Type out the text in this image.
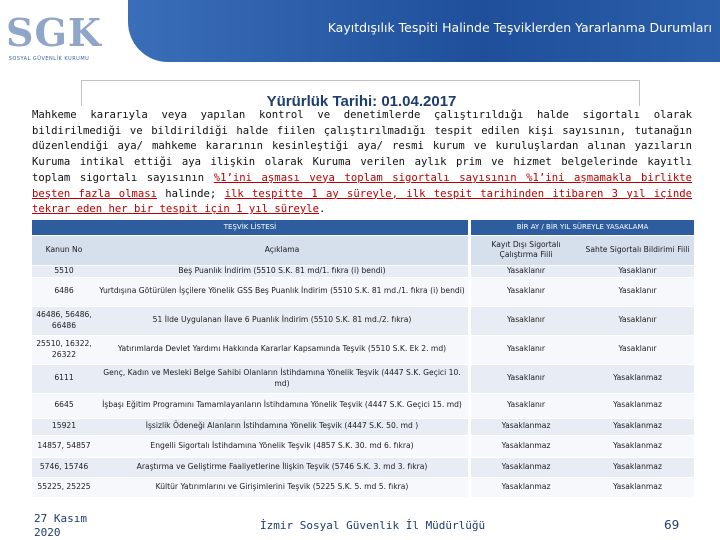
SGK
SOSYAL GÜVENLİK KURUMU
Kayıtdışılık Tespiti Halinde Teşviklerden Yararlanma Durumları
Yürürlük Tarihi: 01.04.2017
Mahkeme kararıyla veya yapılan kontrol ve denetimlerde çalıştırıldığı halde sigortalı olarak bildirilmediği ve bildirildiği halde fiilen çalıştırılmadığı tespit edilen kişi sayısının, tutanağın düzenlendiği aya/ mahkeme kararının kesinleştiği aya/ resmi kurum ve kuruluşlardan alınan yazıların Kuruma intikal ettiği aya ilişkin olarak Kuruma verilen aylık prim ve hizmet belgelerinde kayıtlı toplam sigortalı sayısının %1’ini aşması veya toplam sigortalı sayısının %1’ini aşmamakla birlikte beşten fazla olması halinde; ilk tespitte 1 ay süreyle, ilk tespit tarihinden itibaren 3 yıl içinde tekrar eden her bir tespit için 1 yıl süreyle.
TEŞVİK LİSTESİ			BİR AY / BİR YIL SÜREYLE YASAKLAMA	
Kanun No	Açıklama		Kayıt Dışı Sigortalı Çalıştırma Fiili	Sahte Sigortalı Bildirimi Fiili
5510	Beş Puanlık İndirim (5510 S.K. 81 md/1. fıkra (i) bendi)		Yasaklanır	Yasaklanır
6486	Yurtdışına Götürülen İşçilere Yönelik GSS Beş Puanlık İndirim (5510 S.K. 81 md./1. fıkra (i) bendi)		Yasaklanır	Yasaklanır
46486, 56486, 66486	51 İlde Uygulanan İlave 6 Puanlık İndirim (5510 S.K. 81 md./2. fıkra)		Yasaklanır	Yasaklanır
25510, 16322, 26322	Yatırımlarda Devlet Yardımı Hakkında Kararlar Kapsamında Teşvik (5510 S.K. Ek 2. md)		Yasaklanır	Yasaklanır
6111	Genç, Kadın ve Mesleki Belge Sahibi Olanların İstihdamına Yönelik Teşvik (4447 S.K. Geçici 10. md)		Yasaklanır	Yasaklanmaz
6645	İşbaşı Eğitim Programını Tamamlayanların İstihdamına Yönelik Teşvik (4447 S.K. Geçici 15. md)		Yasaklanır	Yasaklanmaz
15921	İşsizlik Ödeneği Alanların İstihdamına Yönelik Teşvik (4447 S.K. 50. md )		Yasaklanmaz	Yasaklanmaz
14857, 54857	Engelli Sigortalı İstihdamına Yönelik Teşvik (4857 S.K. 30. md 6. fıkra)		Yasaklanmaz	Yasaklanmaz
5746, 15746	Araştırma ve Geliştirme Faaliyetlerine İlişkin Teşvik (5746 S.K. 3. md 3. fıkra)		Yasaklanmaz	Yasaklanmaz
55225, 25225	Kültür Yatırımlarını ve Girişimlerini Teşvik (5225 S.K. 5. md 5. fıkra)		Yasaklanmaz	Yasaklanmaz
27 Kasım
2020
İzmir Sosyal Güvenlik İl Müdürlüğü	69
